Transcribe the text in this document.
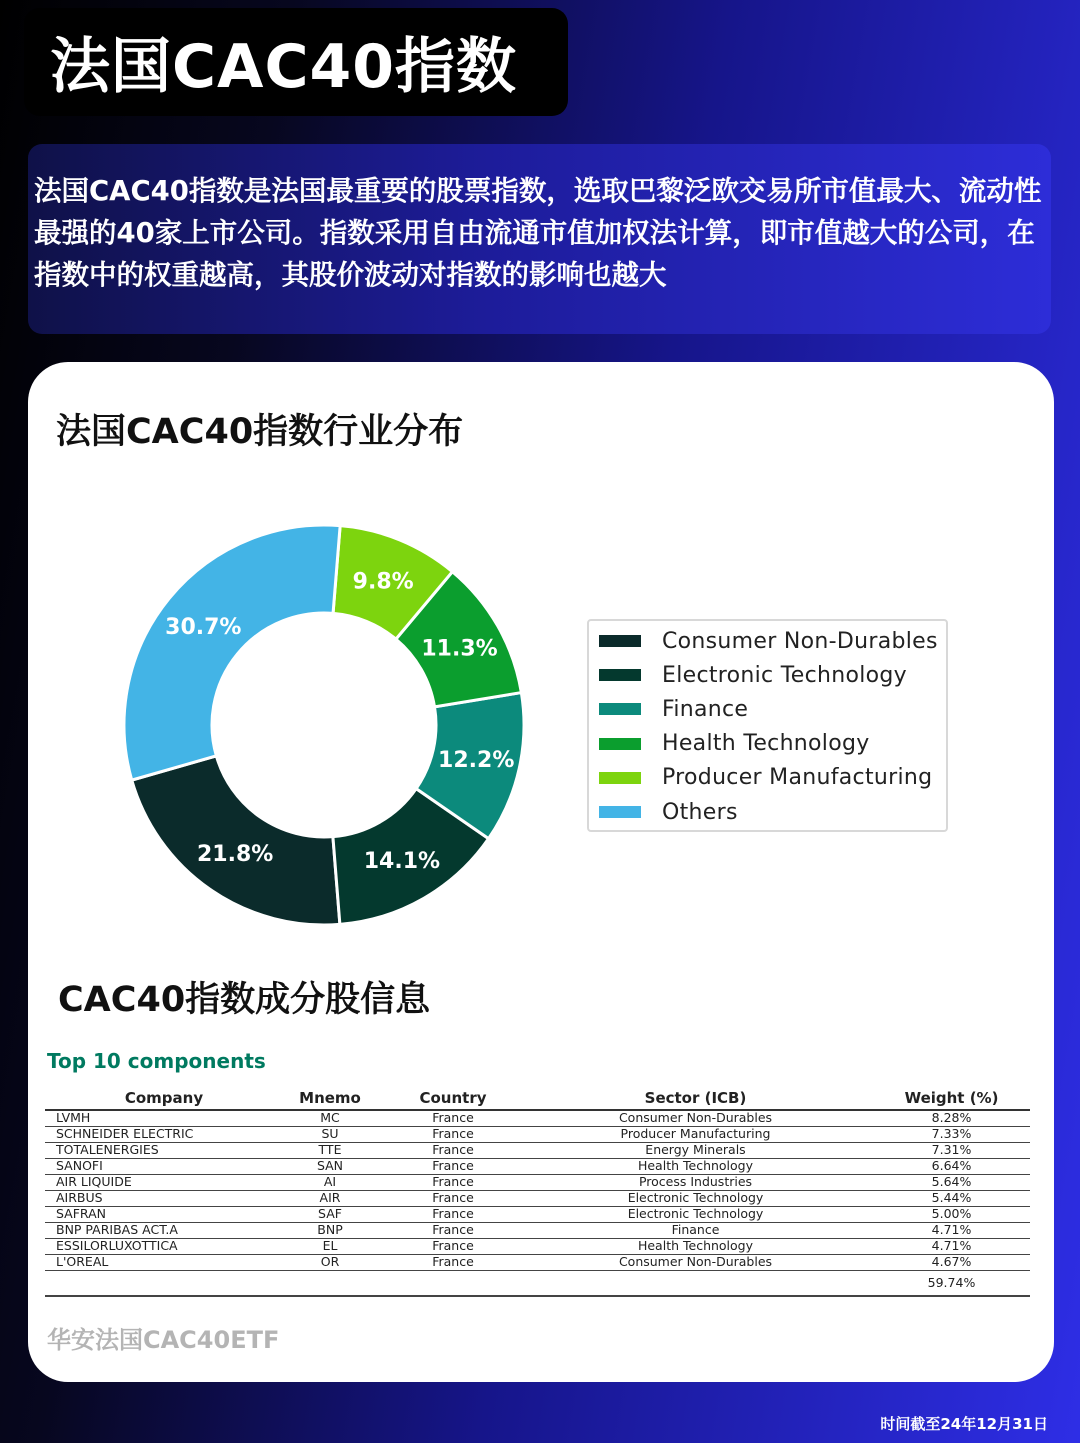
法国CAC40指数

法国CAC40指数是法国最重要的股票指数，选取巴黎泛欧交易所市值最大、流动性最强的40家上市公司。指数采用自由流通市值加权法计算，即市值越大的公司，在指数中的权重越高，其股价波动对指数的影响也越大

法国CAC40指数行业分布
21.8%	14.1%
12.2%
11.3%
9.8%
30.7%
Consumer Non-Durables
Electronic Technology
Finance
Health Technology
Producer Manufacturing
Others
CAC40指数成分股信息
Top 10 components
Company	Mnemo	Country	Sector (ICB)	Weight (%)
LVMH	MC	France	Consumer Non-Durables	8.28%
SCHNEIDER ELECTRIC	SU	France	Producer Manufacturing	7.33%
TOTALENERGIES	TTE	France	Energy Minerals	7.31%
SANOFI	SAN	France	Health Technology	6.64%
AIR LIQUIDE	AI	France	Process Industries	5.64%
AIRBUS	AIR	France	Electronic Technology	5.44%
SAFRAN	SAF	France	Electronic Technology	5.00%
BNP PARIBAS ACT.A	BNP	France	Finance	4.71%
ESSILORLUXOTTICA	EL	France	Health Technology	4.71%
L'OREAL	OR	France	Consumer Non-Durables	4.67%
				59.74%
华安法国CAC40ETF
时间截至24年12月31日
